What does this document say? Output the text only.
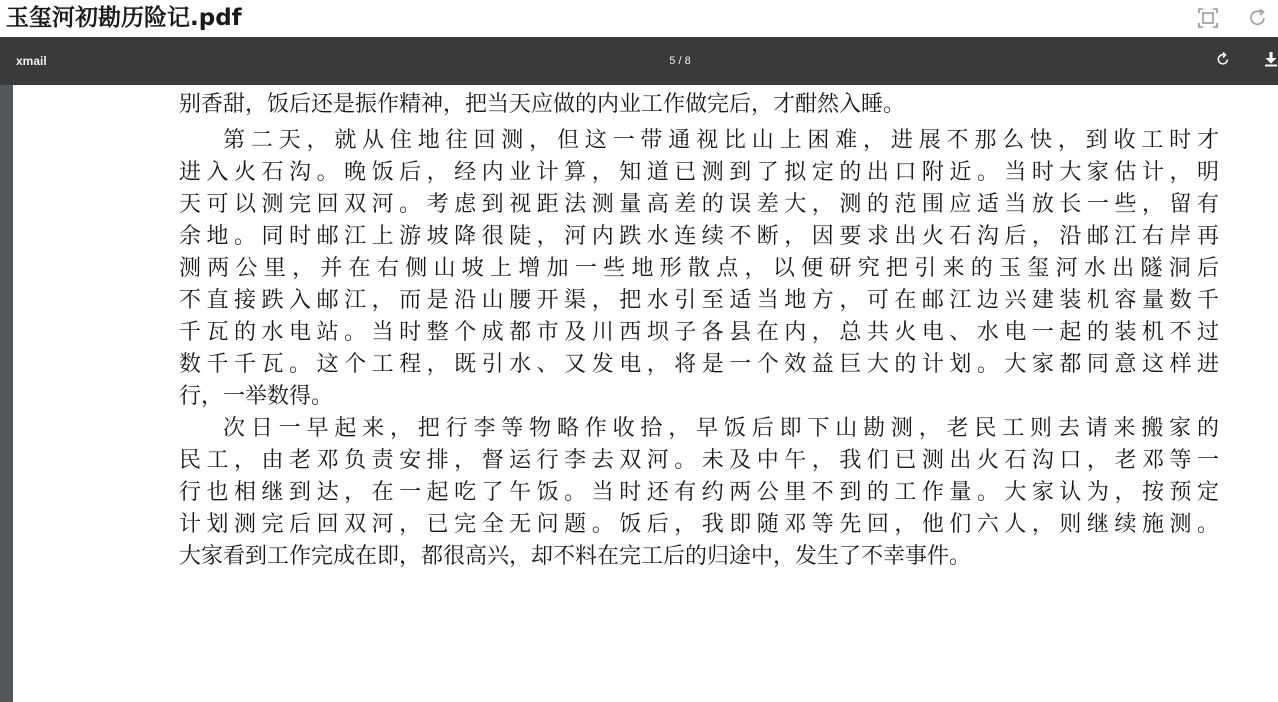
玉玺河初勘历险记.pdf
xmail	5 / 8
别香甜，饭后还是振作精神，把当天应做的内业工作做完后，才酣然入睡。
第二天，就从住地往回测，但这一带通视比山上困难，进展不那么快，到收工时才
进入火石沟。晚饭后，经内业计算，知道已测到了拟定的出口附近。当时大家估计，明
天可以测完回双河。考虑到视距法测量高差的误差大，测的范围应适当放长一些，留有
余地。同时邮江上游坡降很陡，河内跌水连续不断，因要求出火石沟后，沿邮江右岸再
测两公里，并在右侧山坡上增加一些地形散点，以便研究把引来的玉玺河水出隧洞后
不直接跌入邮江，而是沿山腰开渠，把水引至适当地方，可在邮江边兴建装机容量数千
千瓦的水电站。当时整个成都市及川西坝子各县在内，总共火电、水电一起的装机不过
数千千瓦。这个工程，既引水、又发电，将是一个效益巨大的计划。大家都同意这样进
行，一举数得。
次日一早起来，把行李等物略作收拾，早饭后即下山勘测，老民工则去请来搬家的
民工，由老邓负责安排，督运行李去双河。未及中午，我们已测出火石沟口，老邓等一
行也相继到达，在一起吃了午饭。当时还有约两公里不到的工作量。大家认为，按预定
计划测完后回双河，已完全无问题。饭后，我即随邓等先回，他们六人，则继续施测。
大家看到工作完成在即，都很高兴，却不料在完工后的归途中，发生了不幸事件。
